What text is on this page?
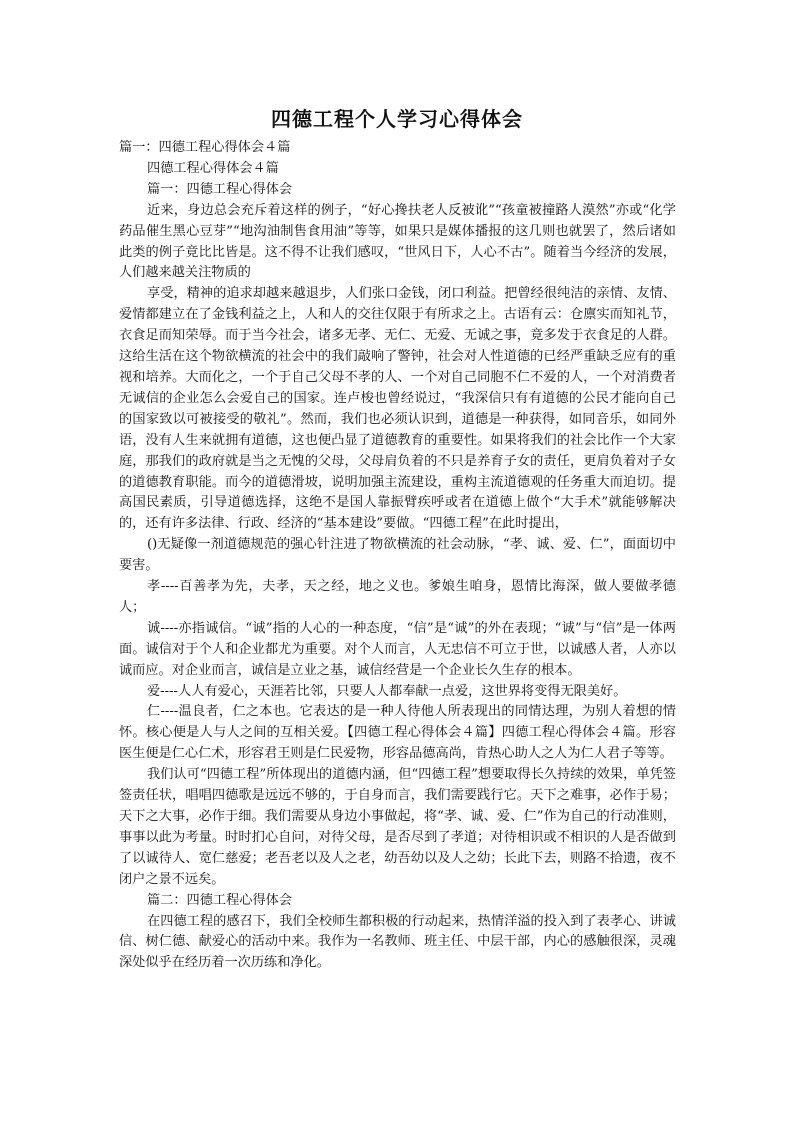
四德工程个人学习心得体会

篇一：四德工程心得体会４篇

四德工程心得体会４篇

篇一：四德工程心得体会

近来，身边总会充斥着这样的例子，“好心搀扶老人反被讹”“孩童被撞路人漠然”亦或“化学药品催生黑心豆芽”“地沟油制售食用油”等等，如果只是媒体播报的这几则也就罢了，然后诸如此类的例子竟比比皆是。这不得不让我们感叹，“世风日下，人心不古”。随着当今经济的发展，人们越来越关注物质的

享受，精神的追求却越来越退步，人们张口金钱，闭口利益。把曾经很纯洁的亲情、友情、爱情都建立在了金钱利益之上，人和人的交往仅限于有所求之上。古语有云：仓廪实而知礼节，衣食足而知荣辱。而于当今社会，诸多无孝、无仁、无爱、无诚之事，竟多发于衣食足的人群。这给生活在这个物欲横流的社会中的我们敲响了警钟，社会对人性道德的已经严重缺乏应有的重视和培养。大而化之，一个于自己父母不孝的人、一个对自己同胞不仁不爱的人，一个对消费者无诚信的企业怎么会爱自己的国家。连卢梭也曾经说过，“我深信只有有道德的公民才能向自己的国家致以可被接受的敬礼”。然而，我们也必须认识到，道德是一种获得，如同音乐，如同外语，没有人生来就拥有道德，这也便凸显了道德教育的重要性。如果将我们的社会比作一个大家庭，那我们的政府就是当之无愧的父母，父母肩负着的不只是养育子女的责任，更肩负着对子女的道德教育职能。而今的道德滑坡，说明加强主流建设，重构主流道德观的任务重大而迫切。提高国民素质，引导道德选择，这绝不是国人靠振臂疾呼或者在道德上做个“大手术”就能够解决的，还有许多法律、行政、经济的“基本建设”要做。“四德工程”在此时提出，

()无疑像一剂道德规范的强心针注进了物欲横流的社会动脉，“孝、诚、爱、仁”，面面切中要害。

孝----百善孝为先，夫孝，天之经，地之义也。爹娘生咱身，恩情比海深，做人要做孝德人；

诚----亦指诚信。“诚”指的人心的一种态度，“信”是“诚”的外在表现；“诚”与“信”是一体两面。诚信对于个人和企业都尤为重要。对个人而言，人无忠信不可立于世，以诚感人者，人亦以诚而应。对企业而言，诚信是立业之基，诚信经营是一个企业长久生存的根本。

爱----人人有爱心，天涯若比邻，只要人人都奉献一点爱，这世界将变得无限美好。

仁----温良者，仁之本也。它表达的是一种人待他人所表现出的同情达理，为别人着想的情怀。核心便是人与人之间的互相关爱。【四德工程心得体会４篇】四德工程心得体会４篇。形容医生便是仁心仁术，形容君王则是仁民爱物，形容品德高尚，肯热心助人之人为仁人君子等等。

我们认可“四德工程”所体现出的道德内涵，但“四德工程”想要取得长久持续的效果，单凭签签责任状，唱唱四德歌是远远不够的，于自身而言，我们需要践行它。天下之难事，必作于易；天下之大事，必作于细。我们需要从身边小事做起，将“孝、诚、爱、仁”作为自己的行动准则，事事以此为考量。时时扪心自问，对待父母，是否尽到了孝道；对待相识或不相识的人是否做到了以诚待人、宽仁慈爱；老吾老以及人之老，幼吾幼以及人之幼；长此下去，则路不拾遗，夜不闭户之景不远矣。

篇二：四德工程心得体会

在四德工程的感召下，我们全校师生都积极的行动起来，热情洋溢的投入到了表孝心、讲诚信、树仁德、献爱心的活动中来。我作为一名教师、班主任、中层干部，内心的感触很深，灵魂深处似乎在经历着一次历练和净化。
